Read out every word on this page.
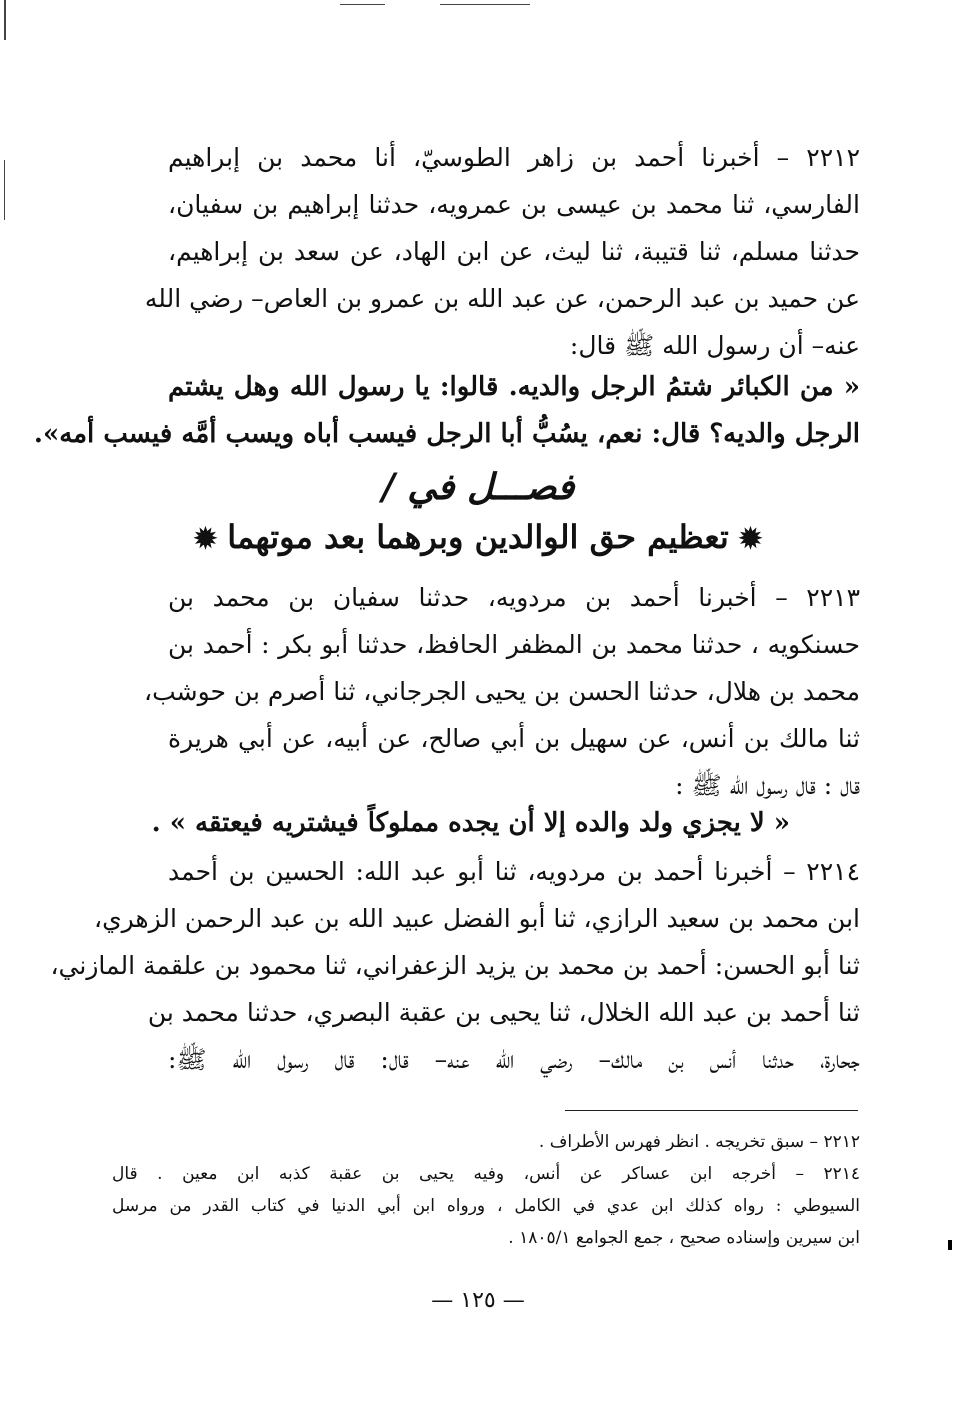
٢٢١٢ – أخبرنا أحمد بن زاهر الطوسيّ، أنا محمد بن إبراهيم
الفارسي، ثنا محمد بن عيسى بن عمرويه، حدثنا إبراهيم بن سفيان،
حدثنا مسلم، ثنا قتيبة، ثنا ليث، عن ابن الهاد، عن سعد بن إبراهيم،
عن حميد بن عبد الرحمن، عن عبد الله بن عمرو بن العاص– رضي الله
عنه– أن رسول الله ﷺ قال:
« من الكبائر شتمُ الرجل والديه. قالوا: يا رسول الله وهل يشتم
الرجل والديه؟ قال: نعم، يسُبُّ أبا الرجل فيسب أباه ويسب أمَّه فيسب أمه».
فصـــل في /
✹تعظيم حق الوالدين وبرهما بعد موتهما✹
٢٢١٣ – أخبرنا أحمد بن مردويه، حدثنا سفيان بن محمد بن
حسنكويه ، حدثنا محمد بن المظفر الحافظ، حدثنا أبو بكر : أحمد بن
محمد بن هلال، حدثنا الحسن بن يحيى الجرجاني، ثنا أصرم بن حوشب،
ثنا مالك بن أنس، عن سهيل بن أبي صالح، عن أبيه، عن أبي هريرة
قال : قال رسول الله ﷺ :
« لا يجزي ولد والده إلا أن يجده مملوكاً فيشتريه فيعتقه » .
٢٢١٤ – أخبرنا أحمد بن مردويه، ثنا أبو عبد الله: الحسين بن أحمد
ابن محمد بن سعيد الرازي، ثنا أبو الفضل عبيد الله بن عبد الرحمن الزهري،
ثنا أبو الحسن: أحمد بن محمد بن يزيد الزعفراني، ثنا محمود بن علقمة المازني،
ثنا أحمد بن عبد الله الخلال، ثنا يحيى بن عقبة البصري، حدثنا محمد بن
جحارة، حدثنا أنس بن مالك– رضي الله عنه– قال: قال رسول الله ﷺ:
٢٢١٢ – سبق تخريجه . انظر فهرس الأطراف .
٢٢١٤ – أخرجه ابن عساكر عن أنس، وفيه يحيى بن عقبة كذبه ابن معين . قال
السيوطي : رواه كذلك ابن عدي في الكامل ، ورواه ابن أبي الدنيا في كتاب القدر من مرسل
ابن سيرين وإسناده صحيح ، جمع الجوامع ١٨٠٥/١ .
— ١٢٥ —
